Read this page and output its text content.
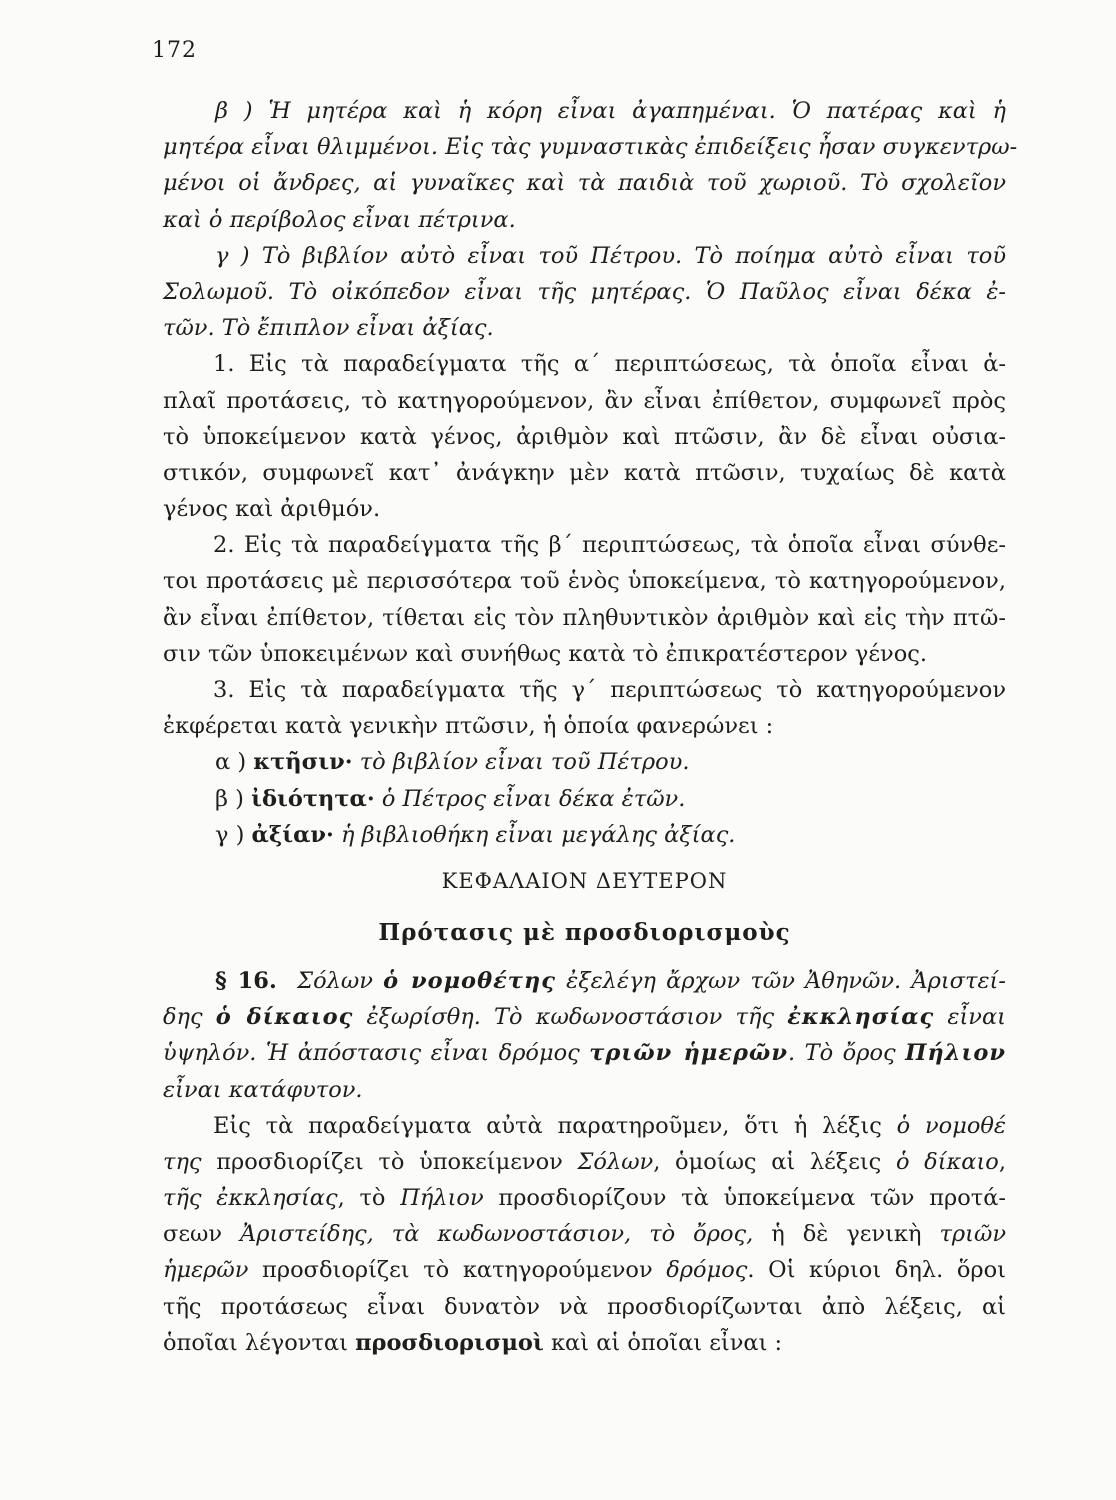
172
β ) Ἡ μητέρα καὶ ἡ κόρη εἶναι ἀγαπημέναι. Ὁ πατέρας καὶ ἡ
μητέρα εἶναι θλιμμένοι. Εἰς τὰς γυμναστικὰς ἐπιδείξεις ἦσαν συγκεντρω-
μένοι οἱ ἄνδρες, αἱ γυναῖκες καὶ τὰ παιδιὰ τοῦ χωριοῦ. Τὸ σχολεῖον
καὶ ὁ περίβολος εἶναι πέτρινα.
γ ) Τὸ βιβλίον αὐτὸ εἶναι τοῦ Πέτρου. Τὸ ποίημα αὐτὸ εἶναι τοῦ
Σολωμοῦ. Τὸ οἰκόπεδον εἶναι τῆς μητέρας. Ὁ Παῦλος εἶναι δέκα ἐ-
τῶν. Τὸ ἔπιπλον εἶναι ἀξίας.
1. Εἰς τὰ παραδείγματα τῆς α΄ περιπτώσεως, τὰ ὁποῖα εἶναι ἁ-
πλαῖ προτάσεις, τὸ κατηγορούμενον, ἂν εἶναι ἐπίθετον, συμφωνεῖ πρὸς
τὸ ὑποκείμενον κατὰ γένος, ἀριθμὸν καὶ πτῶσιν, ἂν δὲ εἶναι οὐσια-
στικόν, συμφωνεῖ κατ᾽ ἀνάγκην μὲν κατὰ πτῶσιν, τυχαίως δὲ κατὰ
γένος καὶ ἀριθμόν.
2. Εἰς τὰ παραδείγματα τῆς β΄ περιπτώσεως, τὰ ὁποῖα εἶναι σύνθε-
τοι προτάσεις μὲ περισσότερα τοῦ ἑνὸς ὑποκείμενα, τὸ κατηγορούμενον,
ἂν εἶναι ἐπίθετον, τίθεται εἰς τὸν πληθυντικὸν ἀριθμὸν καὶ εἰς τὴν πτῶ-
σιν τῶν ὑποκειμένων καὶ συνήθως κατὰ τὸ ἐπικρατέστερον γένος.
3. Εἰς τὰ παραδείγματα τῆς γ΄ περιπτώσεως τὸ κατηγορούμενον
ἐκφέρεται κατὰ γενικὴν πτῶσιν, ἡ ὁποία φανερώνει :
α ) κτῆσιν· τὸ βιβλίον εἶναι τοῦ Πέτρου.
β ) ἰδιότητα· ὁ Πέτρος εἶναι δέκα ἐτῶν.
γ ) ἀξίαν· ἡ βιβλιοθήκη εἶναι μεγάλης ἀξίας.
ΚΕΦΑΛΑΙΟΝ ΔΕΥΤΕΡΟΝ
Πρότασις μὲ προσδιορισμοὺς
§ 16. Σόλων ὁ νομοθέτης ἐξελέγη ἄρχων τῶν Ἀθηνῶν. Ἀριστεί-
δης ὁ δίκαιος ἐξωρίσθη. Τὸ κωδωνοστάσιον τῆς ἐκκλησίας εἶναι
ὑψηλόν. Ἡ ἀπόστασις εἶναι δρόμος τριῶν ἡμερῶν. Τὸ ὄρος Πήλιον
εἶναι κατάφυτον.
Εἰς τὰ παραδείγματα αὐτὰ παρατηροῦμεν, ὅτι ἡ λέξις ὁ νομοθέ
της προσδιορίζει τὸ ὑποκείμενον Σόλων, ὁμοίως αἱ λέξεις ὁ δίκαιο,
τῆς ἐκκλησίας, τὸ Πήλιον προσδιορίζουν τὰ ὑποκείμενα τῶν προτά-
σεων Ἀριστείδης, τὰ κωδωνοστάσιον, τὸ ὄρος, ἡ δὲ γενικὴ τριῶν
ἡμερῶν προσδιορίζει τὸ κατηγορούμενον δρόμος. Οἱ κύριοι δηλ. ὅροι
τῆς προτάσεως εἶναι δυνατὸν νὰ προσδιορίζωνται ἀπὸ λέξεις, αἱ
ὁποῖαι λέγονται προσδιορισμοὶ καὶ αἱ ὁποῖαι εἶναι :
